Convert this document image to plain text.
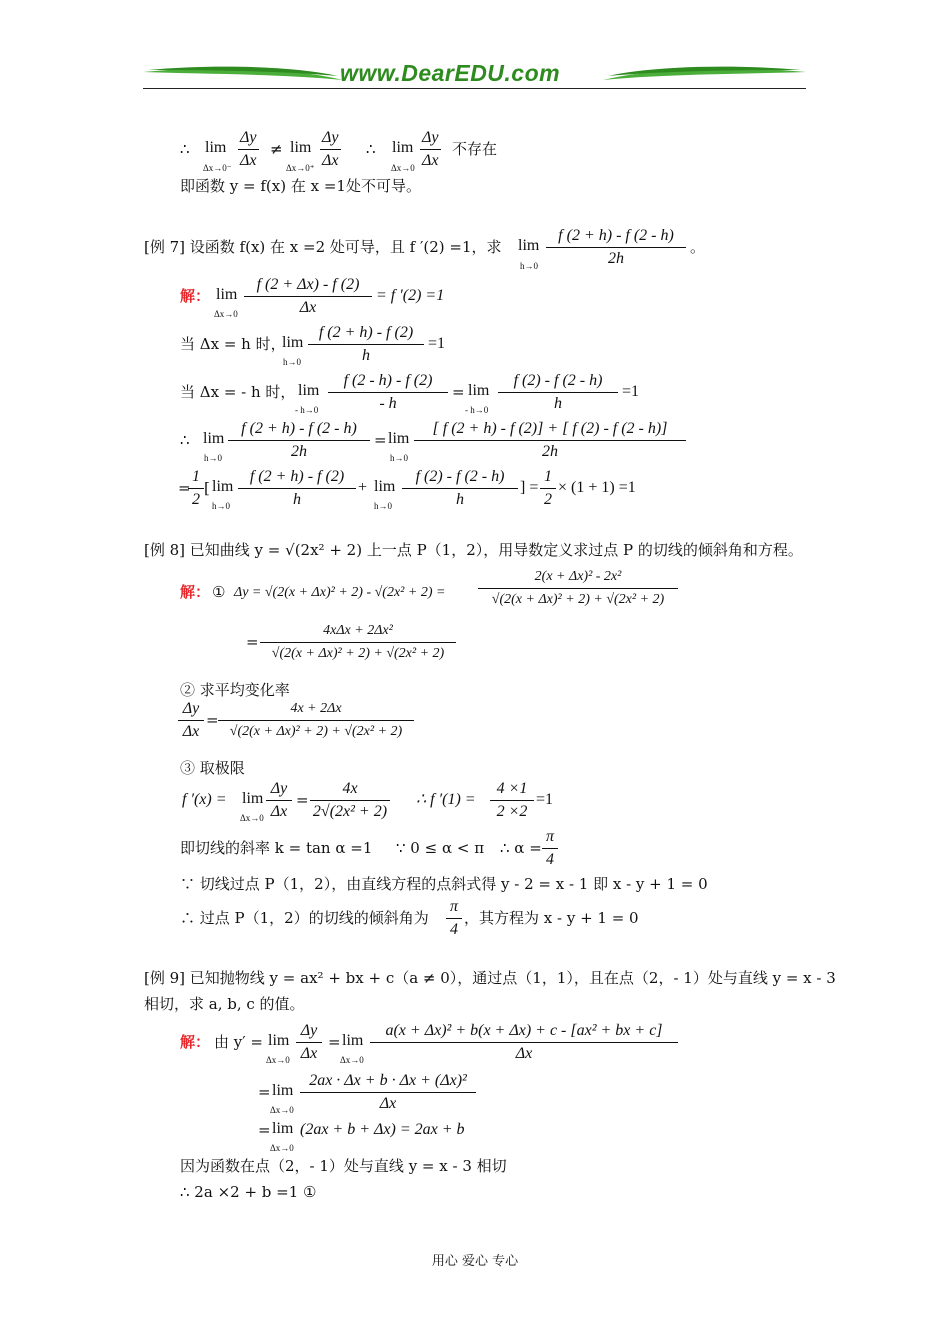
www.DearEDU.com
∴ lim
$\Delta x\to 0^- \frac{\Delta y}{\Delta x} \ne \lim$
$\Delta x\to 0^+ \frac{\Delta y}{\Delta x}$ ∴ lim
$\Delta x\to 0 \frac{\Delta y}{\Delta x}$ 不存在
即函数 y = f(x) 在 x =1处不可导。
[例 7] 设函数 f(x) 在 x =2 处可导，且 f ′(2) =1，求 lim
$h\to 0 \frac{f (2 + h) - f (2 - h)}{2h}$ 。
解： lim
$\Delta x\to 0 \frac{f (2 + \Delta x) - f (2)}{\Delta x} = f$ ′(2) =1
当 Δx = h 时，
lim
$h\to 0 \frac{f (2 + h) - f (2)}{h} =1$
当 Δx = - h 时， lim
- $h\to 0 \frac{f (2 - h) - f (2)}{- h} = \lim$
- $h\to 0 \frac{f (2) - f (2 - h)}{h} =1$
∴ lim
$h\to 0 \frac{f (2 + h) - f (2 - h)}{2h} = \lim$
$h\to 0 \frac{[ f (2 + h) - f (2)] + [ f (2) - f (2 - h)]}{2h}$
=
$\frac{1}{2}$ [ lim
$h\to 0 \frac{f (2 + h) - f (2)}{h} + \lim$
$h\to 0 \frac{f (2) - f (2 - h)}{h}$ ] = $\frac{1}{2} \times (1 + 1) =1$
[例 8] 已知曲线 y = √(2x² + 2) 上一点 P（1，2），用导数定义求过点 P 的切线的倾斜角和方程。
解： ① $\Delta y = √(2(x + \Delta x)^2 + 2) - √(2x^2 + 2) = \frac{\text{2(x + Δx)² - 2x²}}{\text{√(2(x + Δx)² + 2) + √(2x² + 2)}}$
=
4xΔx + 2Δx²
√(2(x + Δx)² + 2) + √(2x² + 2)
② 求平均变化率
$\frac{\Delta y}{\Delta x} = \frac{4x + 2\Delta x}{\text{√(2(x + Δx)² + 2) + √(2x² + 2)}}$
③ 取极限
f ′(x) = lim
$\Delta x\to 0 \frac{\Delta y}{\Delta x} = \frac{4x}{\text{2√(2x² + 2)}}$ ∴ f $'(1) = \frac{4 \times 1}{2 \times 2} =1$
即切线的斜率 k = tan α =1 ∵ 0 ≤ α < π ∴ $\alpha = \frac{\pi}{4}$
∵ 切线过点 P（1，2），由直线方程的点斜式得 y - 2 = x - 1 即 x - y + 1 = 0
∴ 过点 P（1，2）的切线的倾斜角为 $\frac{\pi}{4}$ ，其方程为 x - y + 1 = 0
[例 9] 已知抛物线 y = ax² + bx + c（a ≠ 0），通过点（1，1），且在点（2，- 1）处与直线 y = x - 3
相切，求 a, b, c 的值。
解： 由 y′ = lim
$\Delta x\to 0 \frac{\Delta y}{\Delta x} = \lim$
$\Delta x\to 0 \frac{\text{a(x + Δx)² + b(x + Δx) + c - [ax² + bx + c]}}{\Delta x}$
= lim
$\Delta x\to 0 \frac{\text{2ax · Δx + b · Δx + (Δx)²}}{\Delta x}$
= lim
Δx→0
(2ax + b + Δx) = 2ax + b
因为函数在点（2，- 1）处与直线 y = x - 3 相切
∴ 2a ×2 + b =1 ①
用心 爱心 专心
